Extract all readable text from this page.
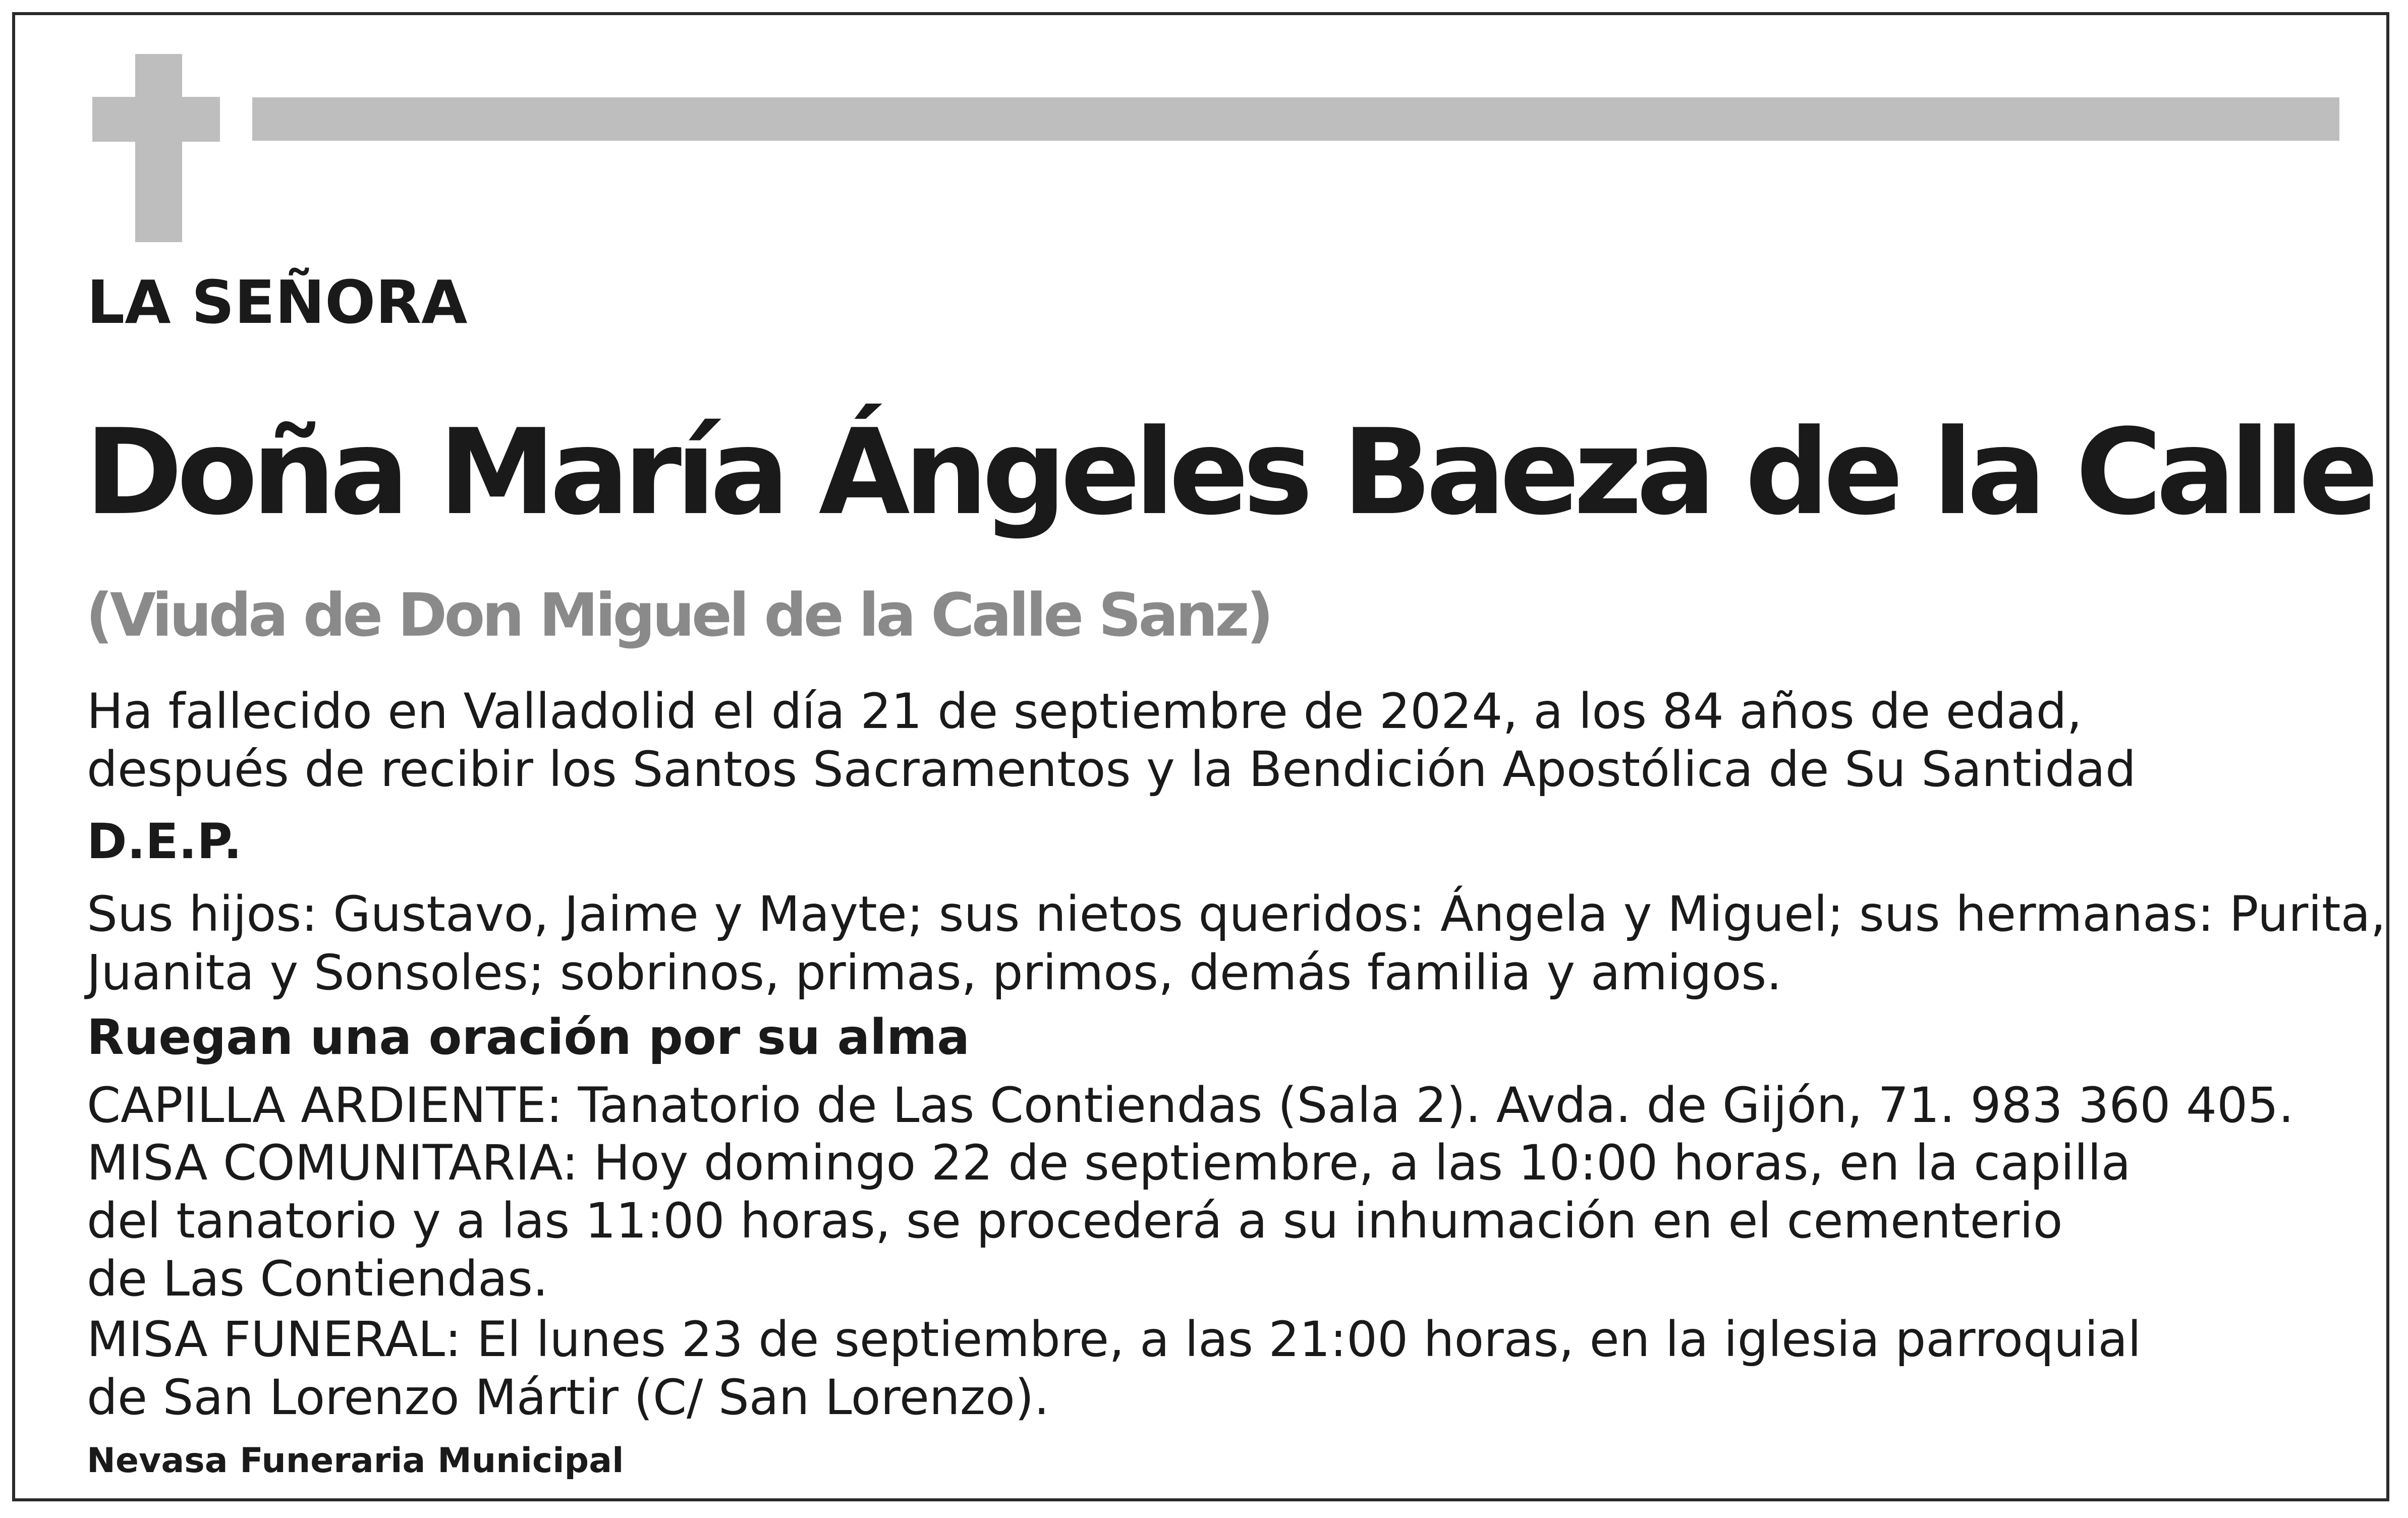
LA SEÑORA
Doña María Ángeles Baeza de la Calle
(Viuda de Don Miguel de la Calle Sanz)
Ha fallecido en Valladolid el día 21 de septiembre de 2024, a los 84 años de edad,
después de recibir los Santos Sacramentos y la Bendición Apostólica de Su Santidad
D.E.P.
Sus hijos: Gustavo, Jaime y Mayte; sus nietos queridos: Ángela y Miguel; sus hermanas: Purita,
Juanita y Sonsoles; sobrinos, primas, primos, demás familia y amigos.
Ruegan una oración por su alma
CAPILLA ARDIENTE: Tanatorio de Las Contiendas (Sala 2). Avda. de Gijón, 71. 983 360 405.
MISA COMUNITARIA: Hoy domingo 22 de septiembre, a las 10:00 horas, en la capilla
del tanatorio y a las 11:00 horas, se procederá a su inhumación en el cementerio
de Las Contiendas.
MISA FUNERAL: El lunes 23 de septiembre, a las 21:00 horas, en la iglesia parroquial
de San Lorenzo Mártir (C/ San Lorenzo).
Nevasa Funeraria Municipal
